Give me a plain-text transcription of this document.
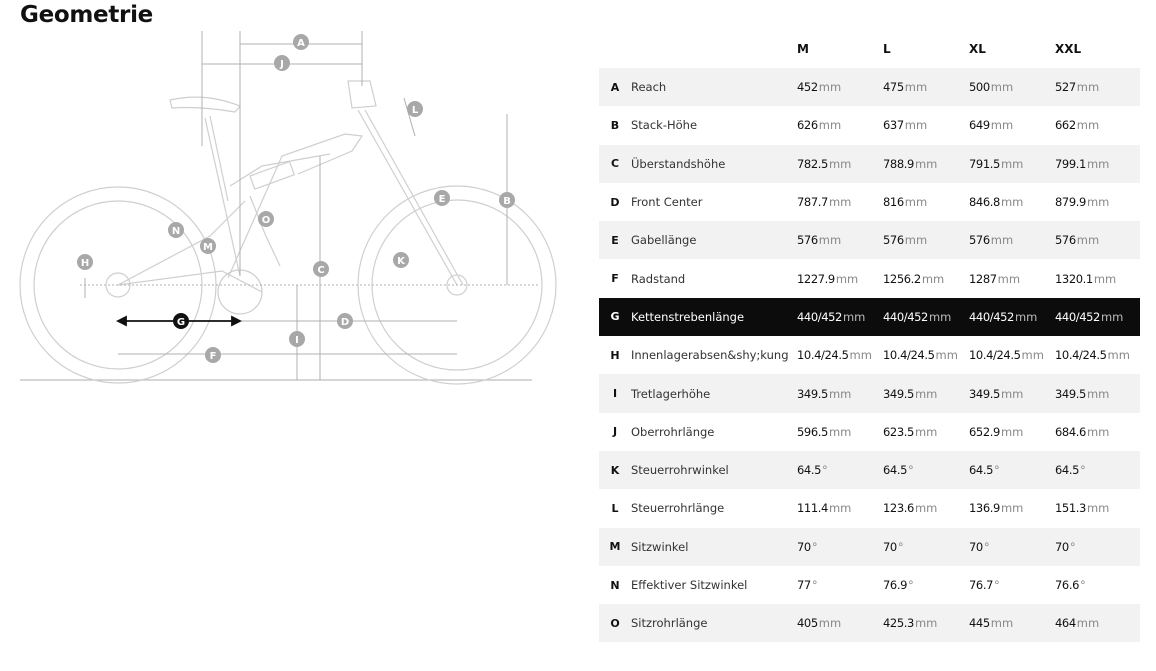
Geometrie
A
J
L
B
E
O
N
M
C
K
H
G	D
I
F
		M	L	XL	XXL
A	Reach	452mm	475mm	500mm	527mm
B	Stack-Höhe	626mm	637mm	649mm	662mm
C	Überstandshöhe	782.5mm	788.9mm	791.5mm	799.1mm
D	Front Center	787.7mm	816mm	846.8mm	879.9mm
E	Gabellänge	576mm	576mm	576mm	576mm
F	Radstand	1227.9mm	1256.2mm	1287mm	1320.1mm
G	Kettenstrebenlänge	440/452mm	440/452mm	440/452mm	440/452mm
H	Innenlagerabsen&shy;kung	10.4/24.5mm	10.4/24.5mm	10.4/24.5mm	10.4/24.5mm
I	Tretlagerhöhe	349.5mm	349.5mm	349.5mm	349.5mm
J	Oberrohrlänge	596.5mm	623.5mm	652.9mm	684.6mm
K	Steuerrohrwinkel	64.5°	64.5°	64.5°	64.5°
L	Steuerrohrlänge	111.4mm	123.6mm	136.9mm	151.3mm
M	Sitzwinkel	70°	70°	70°	70°
N	Effektiver Sitzwinkel	77°	76.9°	76.7°	76.6°
O	Sitzrohrlänge	405mm	425.3mm	445mm	464mm
